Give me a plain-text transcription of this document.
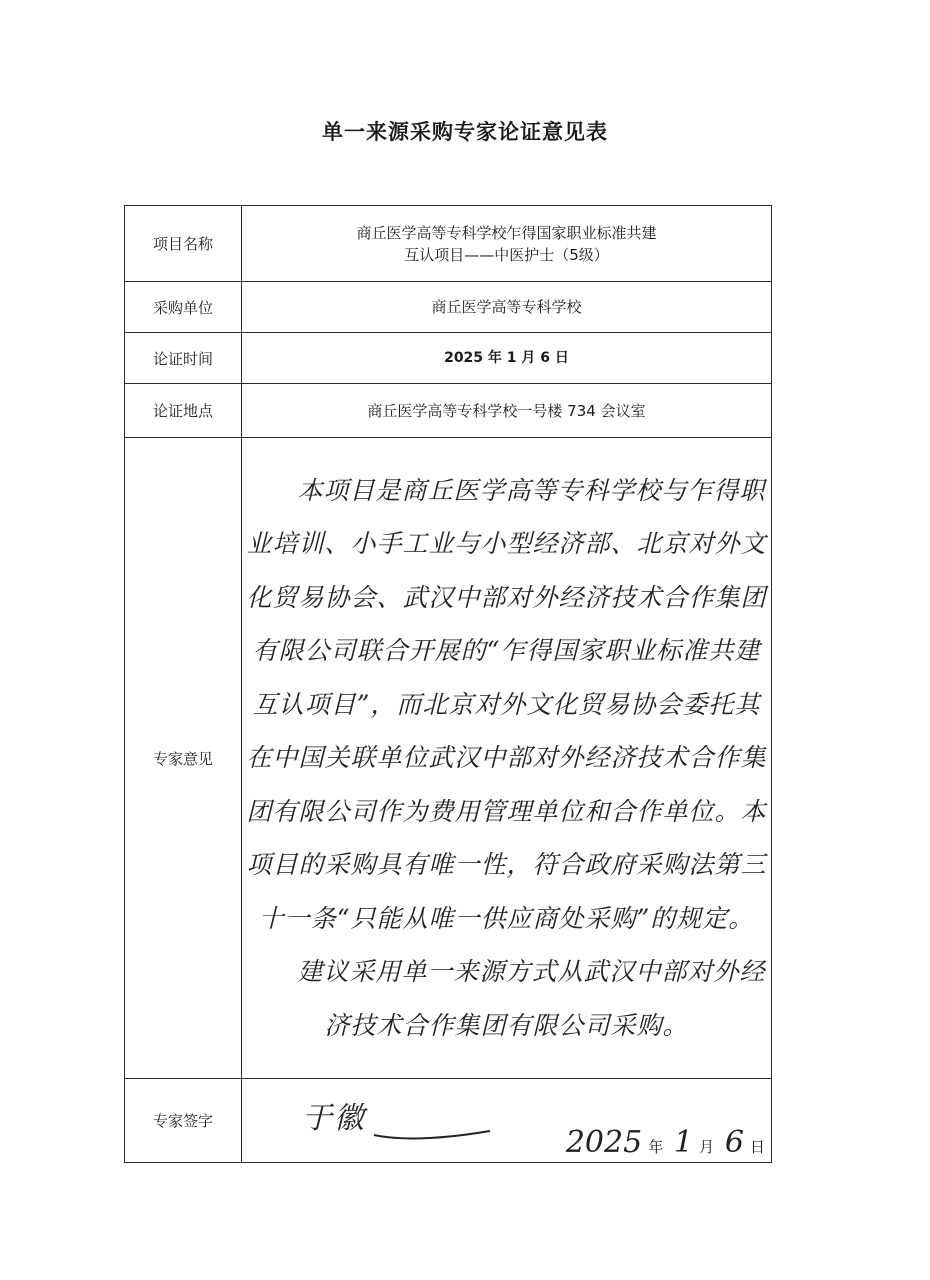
单一来源采购专家论证意见表
项目名称	商丘医学高等专科学校乍得国家职业标准共建
互认项目——中医护士（5级）

采购单位	商丘医学高等专科学校
论证时间	2025 年 1 月 6 日
论证地点	商丘医学高等专科学校一号楼 734 会议室
专家意见	本项目是商丘医学高等专科学校与乍得职业培训、小手工业与小型经济部、北京对外文化贸易协会、武汉中部对外经济技术合作集团有限公司联合开展的“乍得国家职业标准共建互认项目”，而北京对外文化贸易协会委托其在中国关联单位武汉中部对外经济技术合作集团有限公司作为费用管理单位和合作单位。本项目的采购具有唯一性，符合政府采购法第三十一条“只能从唯一供应商处采购”的规定。
建议采用单一来源方式从武汉中部对外经济技术合作集团有限公司采购。

专家签字	于徽
2025 年 1 月 6 日
